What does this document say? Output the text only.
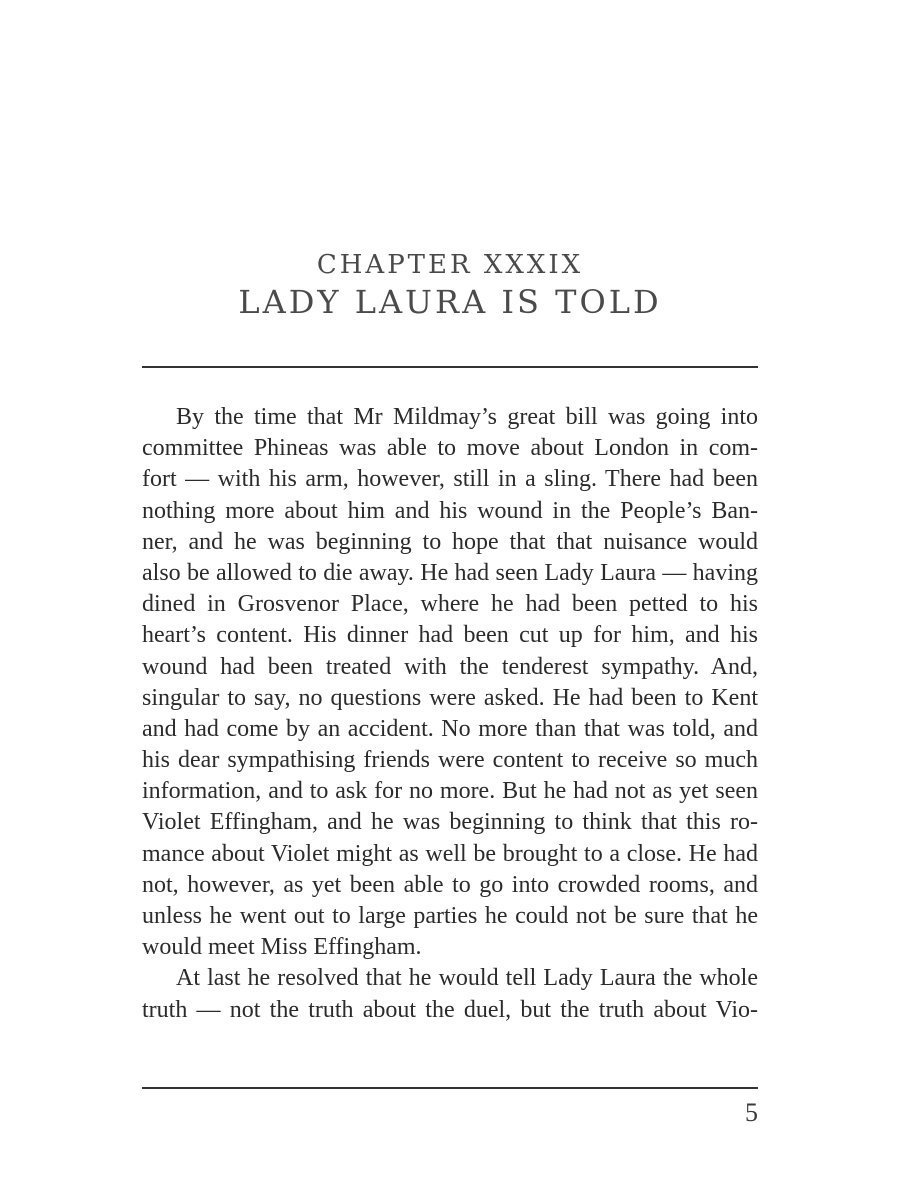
CHAPTER XXXIX
LADY LAURA IS TOLD
By the time that Mr Mildmay’s great bill was going into
committee Phineas was able to move about London in com-
fort — with his arm, however, still in a sling. There had been
nothing more about him and his wound in the People’s Ban-
ner, and he was beginning to hope that that nuisance would
also be allowed to die away. He had seen Lady Laura — having
dined in Grosvenor Place, where he had been petted to his
heart’s content. His dinner had been cut up for him, and his
wound had been treated with the tenderest sympathy. And,
singular to say, no questions were asked. He had been to Kent
and had come by an accident. No more than that was told, and
his dear sympathising friends were content to receive so much
information, and to ask for no more. But he had not as yet seen
Violet Effingham, and he was beginning to think that this ro-
mance about Violet might as well be brought to a close. He had
not, however, as yet been able to go into crowded rooms, and
unless he went out to large parties he could not be sure that he
would meet Miss Effingham.
At last he resolved that he would tell Lady Laura the whole
truth — not the truth about the duel, but the truth about Vio-
5
